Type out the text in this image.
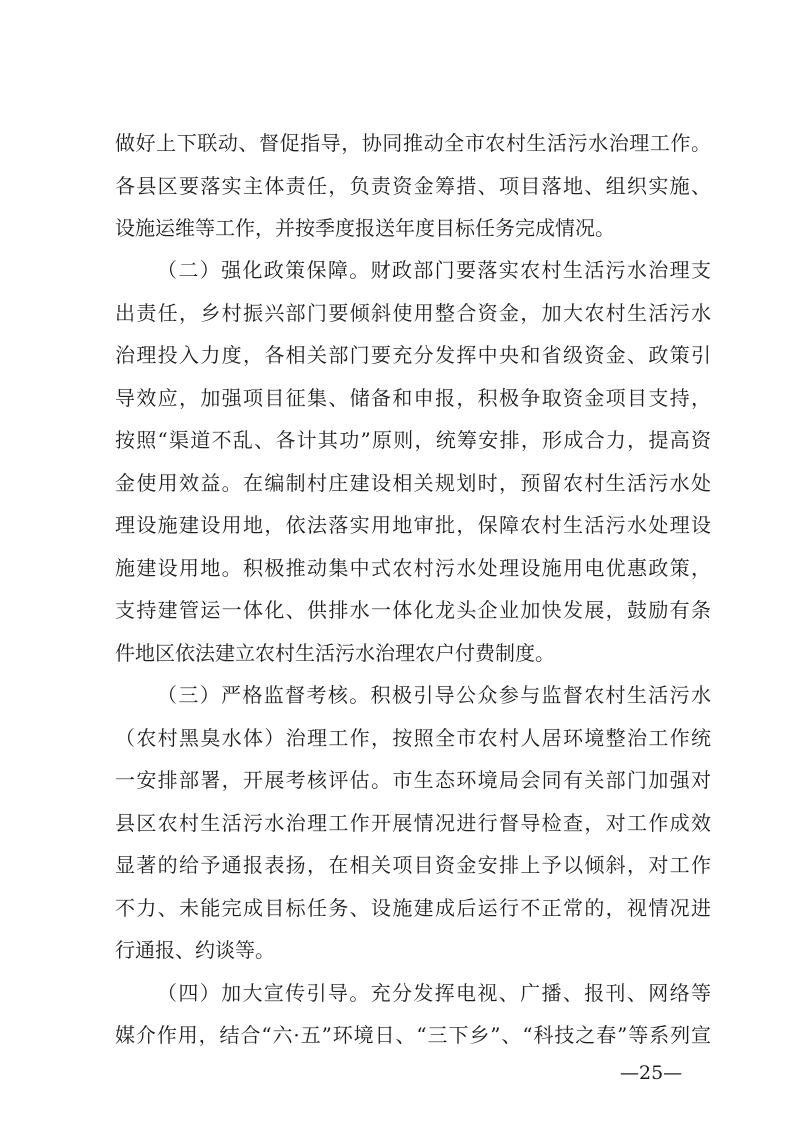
做好上下联动、督促指导，协同推动全市农村生活污水治理工作。
各县区要落实主体责任，负责资金筹措、项目落地、组织实施、
设施运维等工作，并按季度报送年度目标任务完成情况。
（二）强化政策保障。财政部门要落实农村生活污水治理支
出责任，乡村振兴部门要倾斜使用整合资金，加大农村生活污水
治理投入力度，各相关部门要充分发挥中央和省级资金、政策引
导效应，加强项目征集、储备和申报，积极争取资金项目支持，
按照“渠道不乱、各计其功”原则，统筹安排，形成合力，提高资
金使用效益。在编制村庄建设相关规划时，预留农村生活污水处
理设施建设用地，依法落实用地审批，保障农村生活污水处理设
施建设用地。积极推动集中式农村污水处理设施用电优惠政策，
支持建管运一体化、供排水一体化龙头企业加快发展，鼓励有条
件地区依法建立农村生活污水治理农户付费制度。
（三）严格监督考核。积极引导公众参与监督农村生活污水
（农村黑臭水体）治理工作，按照全市农村人居环境整治工作统
一安排部署，开展考核评估。市生态环境局会同有关部门加强对
县区农村生活污水治理工作开展情况进行督导检查，对工作成效
显著的给予通报表扬，在相关项目资金安排上予以倾斜，对工作
不力、未能完成目标任务、设施建成后运行不正常的，视情况进
行通报、约谈等。
（四）加大宣传引导。充分发挥电视、广播、报刊、网络等
媒介作用，结合“六·五”环境日、“三下乡”、“科技之春”等系列宣
—25—
